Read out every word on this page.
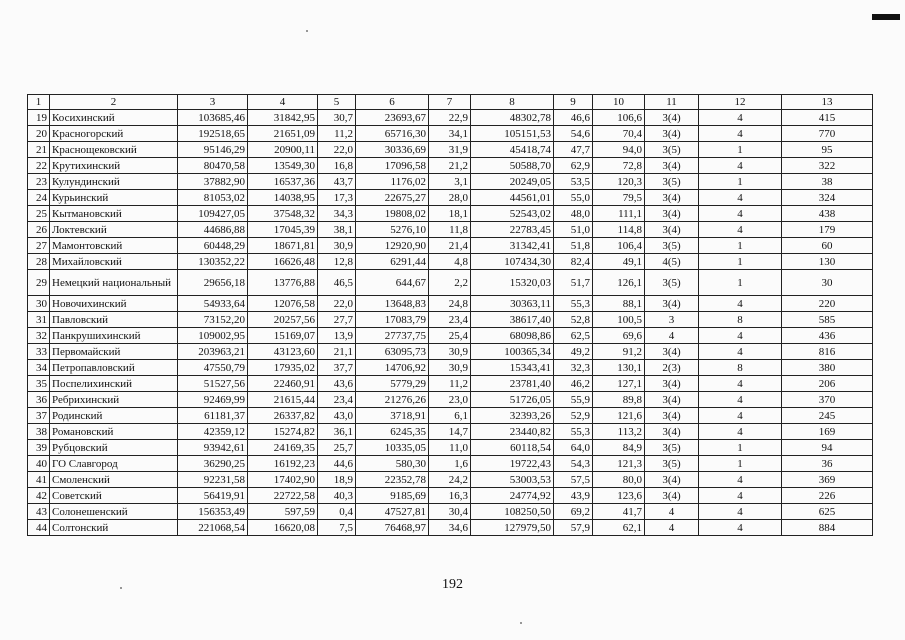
1	2	3	4	5	6	7	8	9	10	11	12	13
19	Косихинский	103685,46	31842,95	30,7	23693,67	22,9	48302,78	46,6	106,6	3(4)	4	415
20	Красногорский	192518,65	21651,09	11,2	65716,30	34,1	105151,53	54,6	70,4	3(4)	4	770
21	Краснощековский	95146,29	20900,11	22,0	30336,69	31,9	45418,74	47,7	94,0	3(5)	1	95
22	Крутихинский	80470,58	13549,30	16,8	17096,58	21,2	50588,70	62,9	72,8	3(4)	4	322
23	Кулундинский	37882,90	16537,36	43,7	1176,02	3,1	20249,05	53,5	120,3	3(5)	1	38
24	Курьинский	81053,02	14038,95	17,3	22675,27	28,0	44561,01	55,0	79,5	3(4)	4	324
25	Кытмановский	109427,05	37548,32	34,3	19808,02	18,1	52543,02	48,0	111,1	3(4)	4	438
26	Локтевский	44686,88	17045,39	38,1	5276,10	11,8	22783,45	51,0	114,8	3(4)	4	179
27	Мамонтовский	60448,29	18671,81	30,9	12920,90	21,4	31342,41	51,8	106,4	3(5)	1	60
28	Михайловский	130352,22	16626,48	12,8	6291,44	4,8	107434,30	82,4	49,1	4(5)	1	130
29	Немецкий национальный	29656,18	13776,88	46,5	644,67	2,2	15320,03	51,7	126,1	3(5)	1	30
30	Новочихинский	54933,64	12076,58	22,0	13648,83	24,8	30363,11	55,3	88,1	3(4)	4	220
31	Павловский	73152,20	20257,56	27,7	17083,79	23,4	38617,40	52,8	100,5	3	8	585
32	Панкрушихинский	109002,95	15169,07	13,9	27737,75	25,4	68098,86	62,5	69,6	4	4	436
33	Первомайский	203963,21	43123,60	21,1	63095,73	30,9	100365,34	49,2	91,2	3(4)	4	816
34	Петропавловский	47550,79	17935,02	37,7	14706,92	30,9	15343,41	32,3	130,1	2(3)	8	380
35	Поспелихинский	51527,56	22460,91	43,6	5779,29	11,2	23781,40	46,2	127,1	3(4)	4	206
36	Ребрихинский	92469,99	21615,44	23,4	21276,26	23,0	51726,05	55,9	89,8	3(4)	4	370
37	Родинский	61181,37	26337,82	43,0	3718,91	6,1	32393,26	52,9	121,6	3(4)	4	245
38	Романовский	42359,12	15274,82	36,1	6245,35	14,7	23440,82	55,3	113,2	3(4)	4	169
39	Рубцовский	93942,61	24169,35	25,7	10335,05	11,0	60118,54	64,0	84,9	3(5)	1	94
40	ГО Славгород	36290,25	16192,23	44,6	580,30	1,6	19722,43	54,3	121,3	3(5)	1	36
41	Смоленский	92231,58	17402,90	18,9	22352,78	24,2	53003,53	57,5	80,0	3(4)	4	369
42	Советский	56419,91	22722,58	40,3	9185,69	16,3	24774,92	43,9	123,6	3(4)	4	226
43	Солонешенский	156353,49	597,59	0,4	47527,81	30,4	108250,50	69,2	41,7	4	4	625
44	Солтонский	221068,54	16620,08	7,5	76468,97	34,6	127979,50	57,9	62,1	4	4	884
192
